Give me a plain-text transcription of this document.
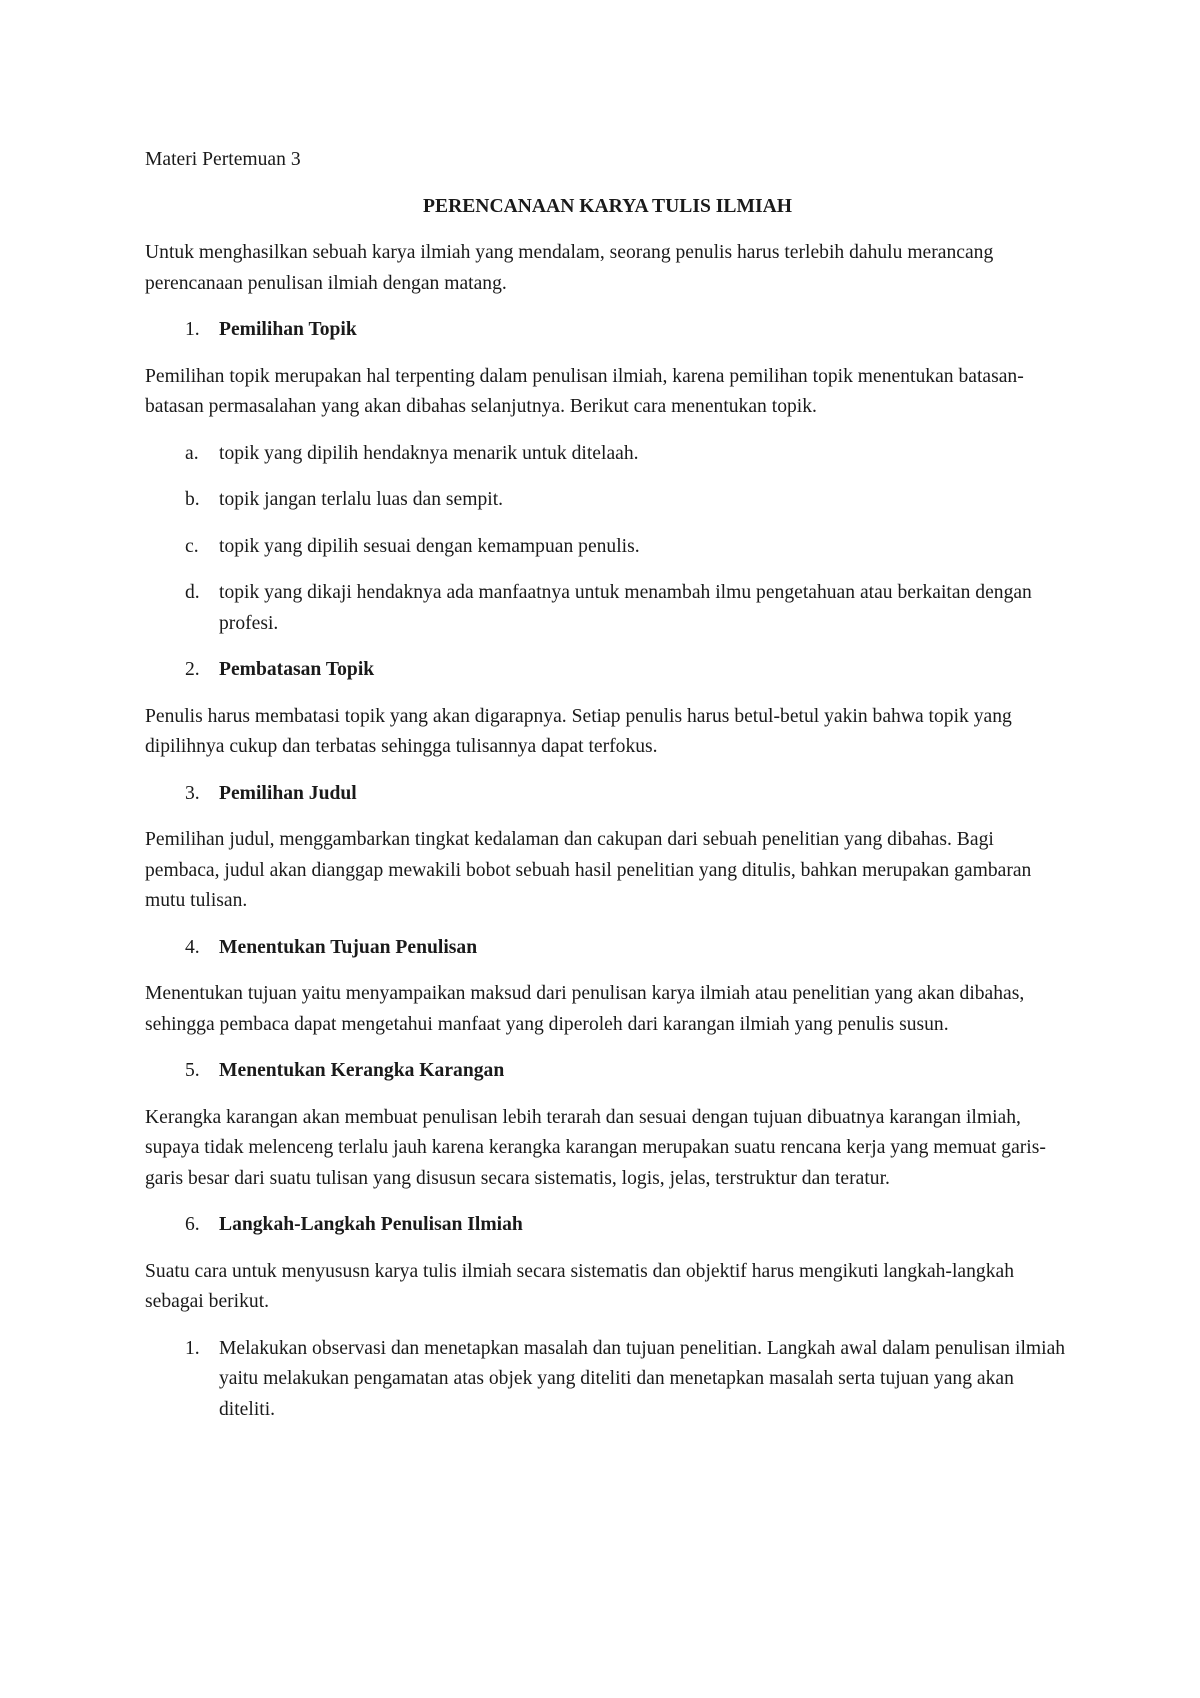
Materi Pertemuan 3

PERENCANAAN KARYA TULIS ILMIAH

Untuk menghasilkan sebuah karya ilmiah yang mendalam, seorang penulis harus terlebih dahulu merancang perencanaan penulisan ilmiah dengan matang.

1. Pemilihan Topik

Pemilihan topik merupakan hal terpenting dalam penulisan ilmiah, karena pemilihan topik menentukan batasan-batasan permasalahan yang akan dibahas selanjutnya. Berikut cara menentukan topik.

a. topik yang dipilih hendaknya menarik untuk ditelaah.
b. topik jangan terlalu luas dan sempit.
c. topik yang dipilih sesuai dengan kemampuan penulis.
d. topik yang dikaji hendaknya ada manfaatnya untuk menambah ilmu pengetahuan atau berkaitan dengan profesi.
2. Pembatasan Topik

Penulis harus membatasi topik yang akan digarapnya. Setiap penulis harus betul-betul yakin bahwa topik yang dipilihnya cukup dan terbatas sehingga tulisannya dapat terfokus.

3. Pemilihan Judul

Pemilihan judul, menggambarkan tingkat kedalaman dan cakupan dari sebuah penelitian yang dibahas. Bagi pembaca, judul akan dianggap mewakili bobot sebuah hasil penelitian yang ditulis, bahkan merupakan gambaran mutu tulisan.

4. Menentukan Tujuan Penulisan

Menentukan tujuan yaitu menyampaikan maksud dari penulisan karya ilmiah atau penelitian yang akan dibahas, sehingga pembaca dapat mengetahui manfaat yang diperoleh dari karangan ilmiah yang penulis susun.

5. Menentukan Kerangka Karangan

Kerangka karangan akan membuat penulisan lebih terarah dan sesuai dengan tujuan dibuatnya karangan ilmiah, supaya tidak melenceng terlalu jauh karena kerangka karangan merupakan suatu rencana kerja yang memuat garis-garis besar dari suatu tulisan yang disusun secara sistematis, logis, jelas, terstruktur dan teratur.

6. Langkah-Langkah Penulisan Ilmiah

Suatu cara untuk menyususn karya tulis ilmiah secara sistematis dan objektif harus mengikuti langkah-langkah sebagai berikut.

1. Melakukan observasi dan menetapkan masalah dan tujuan penelitian. Langkah awal dalam penulisan ilmiah yaitu melakukan pengamatan atas objek yang diteliti dan menetapkan masalah serta tujuan yang akan diteliti.
